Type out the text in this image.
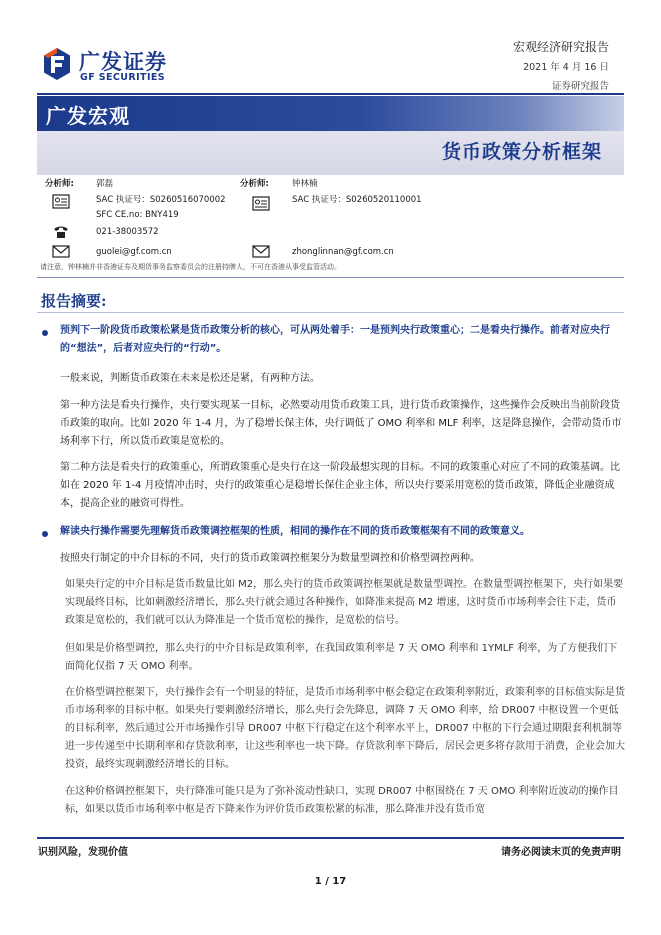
广发证券
GF SECURITIES
宏观经济研究报告
2021 年 4 月 16 日
证券研究报告
广发宏观
货币政策分析框架
分析师:	郭磊
SAC 执证号：S0260516070002
SFC CE.no: BNY419
021-38003572
guolei@gf.com.cn
分析师:	钟林楠
SAC 执证号：S0260520110001
zhonglinnan@gf.com.cn
请注意，钟林楠并非香港证券及期货事务监察委员会的注册持牌人，不可在香港从事受监管活动。
报告摘要:
预判下一阶段货币政策松紧是货币政策分析的核心，可从两处着手：一是预判央行政策重心；二是看央行操作。前者对应央行的“想法”，后者对应央行的“行动”。
一般来说，判断货币政策在未来是松还是紧，有两种方法。
第一种方法是看央行操作，央行要实现某一目标，必然要动用货币政策工具，进行货币政策操作，这些操作会反映出当前阶段货币政策的取向。比如 2020 年 1-4 月，为了稳增长保主体，央行调低了 OMO 利率和 MLF 利率，这是降息操作，会带动货币市场利率下行，所以货币政策是宽松的。
第二种方法是看央行的政策重心，所谓政策重心是央行在这一阶段最想实现的目标。不同的政策重心对应了不同的政策基调。比如在 2020 年 1-4 月疫情冲击时，央行的政策重心是稳增长保住企业主体，所以央行要采用宽松的货币政策，降低企业融资成本，提高企业的融资可得性。
解读央行操作需要先理解货币政策调控框架的性质，相同的操作在不同的货币政策框架有不同的政策意义。
按照央行制定的中介目标的不同，央行的货币政策调控框架分为数量型调控和价格型调控两种。
如果央行定的中介目标是货币数量比如 M2，那么央行的货币政策调控框架就是数量型调控。在数量型调控框架下，央行如果要实现最终目标，比如刺激经济增长，那么央行就会通过各种操作，如降准来提高 M2 增速，这时货币市场利率会往下走，货币政策是宽松的，我们就可以认为降准是一个货币宽松的操作，是宽松的信号。
但如果是价格型调控，那么央行的中介目标是政策利率，在我国政策利率是 7 天 OMO 利率和 1YMLF 利率，为了方便我们下面简化仅指 7 天 OMO 利率。
在价格型调控框架下，央行操作会有一个明显的特征，是货币市场利率中枢会稳定在政策利率附近，政策利率的目标值实际是货币市场利率的目标中枢。如果央行要刺激经济增长，那么央行会先降息，调降 7 天 OMO 利率，给 DR007 中枢设置一个更低的目标利率，然后通过公开市场操作引导 DR007 中枢下行稳定在这个利率水平上，DR007 中枢的下行会通过期限套利机制等进一步传递至中长期利率和存贷款利率，让这些利率也一块下降。存贷款利率下降后，居民会更多将存款用于消费，企业会加大投资，最终实现刺激经济增长的目标。
在这种价格调控框架下，央行降准可能只是为了弥补流动性缺口，实现 DR007 中枢围绕在 7 天 OMO 利率附近波动的操作目标，如果以货币市场利率中枢是否下降来作为评价货币政策松紧的标准，那么降准并没有货币宽
识别风险，发现价值	请务必阅读末页的免责声明
1 / 17
